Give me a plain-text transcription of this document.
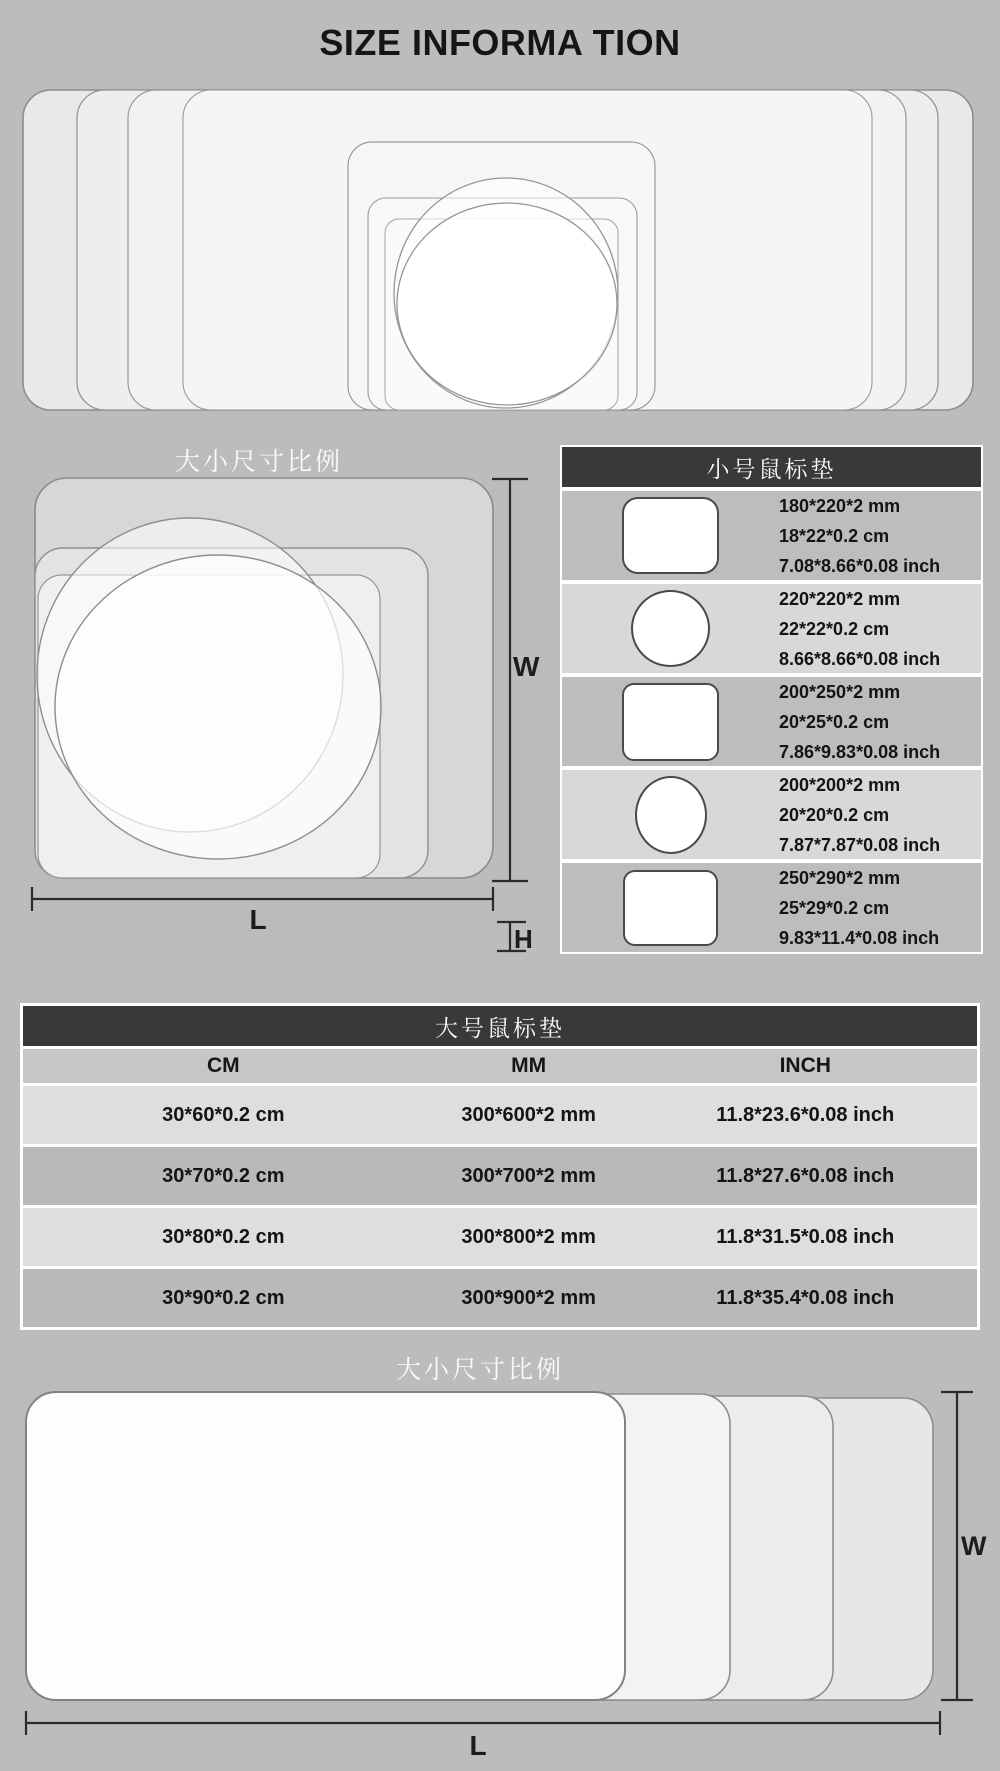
SIZE INFORMA TION
大小尺寸比例
W
L
H
小号鼠标垫
180*220*2 mm
18*22*0.2 cm
7.08*8.66*0.08 inch
220*220*2 mm
22*22*0.2 cm
8.66*8.66*0.08 inch
200*250*2 mm
20*25*0.2 cm
7.86*9.83*0.08 inch
200*200*2 mm
20*20*0.2 cm
7.87*7.87*0.08 inch
250*290*2 mm
25*29*0.2 cm
9.83*11.4*0.08 inch
大号鼠标垫
CM	MM	INCH
30*60*0.2 cm	300*600*2 mm	11.8*23.6*0.08 inch
30*70*0.2 cm	300*700*2 mm	11.8*27.6*0.08 inch
30*80*0.2 cm	300*800*2 mm	11.8*31.5*0.08 inch
30*90*0.2 cm	300*900*2 mm	11.8*35.4*0.08 inch
大小尺寸比例
W
L
